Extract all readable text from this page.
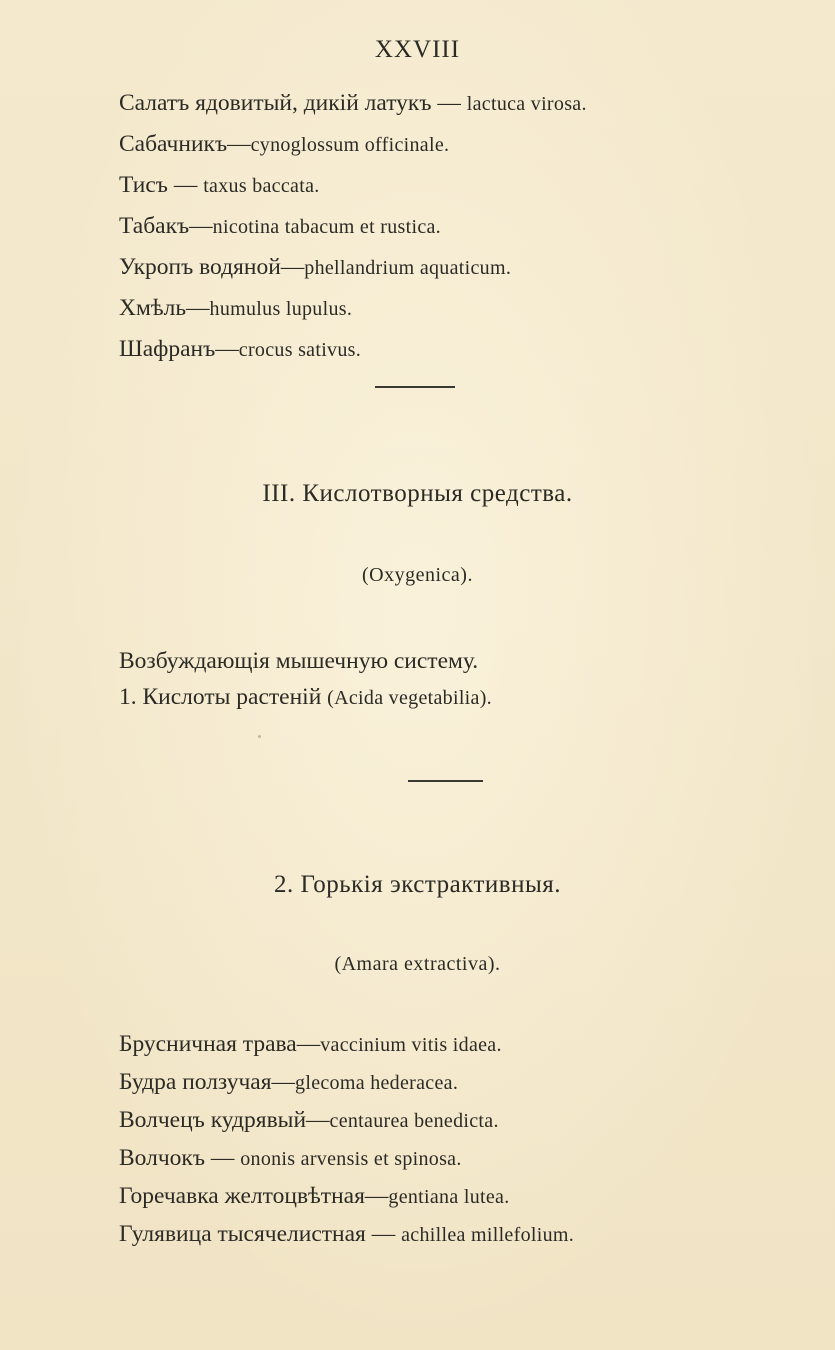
XXVIII
Салатъ ядовитый, дикій латукъ — lactuca virosa.
Сабачникъ—cynoglossum officinale.
Тисъ — taxus baccata.
Табакъ—nicotina tabacum et rustica.
Укропъ водяной—phellandrium aquaticum.
Хмѣль—humulus lupulus.
Шафранъ—crocus sativus.
III. Кислотворныя средства.
(Oxygenica).
Возбуждающія мышечную систему.
1. Кислоты растеній (Acida vegetabilia).
2. Горькія экстрактивныя.
(Amara extractiva).
Брусничная трава—vaccinium vitis idaea.
Будра ползучая—glecoma hederacea.
Волчецъ кудрявый—centaurea benedicta.
Волчокъ — ononis arvensis et spinosa.
Горечавка желтоцвѣтная—gentiana lutea.
Гулявица тысячелистная — achillea millefolium.
